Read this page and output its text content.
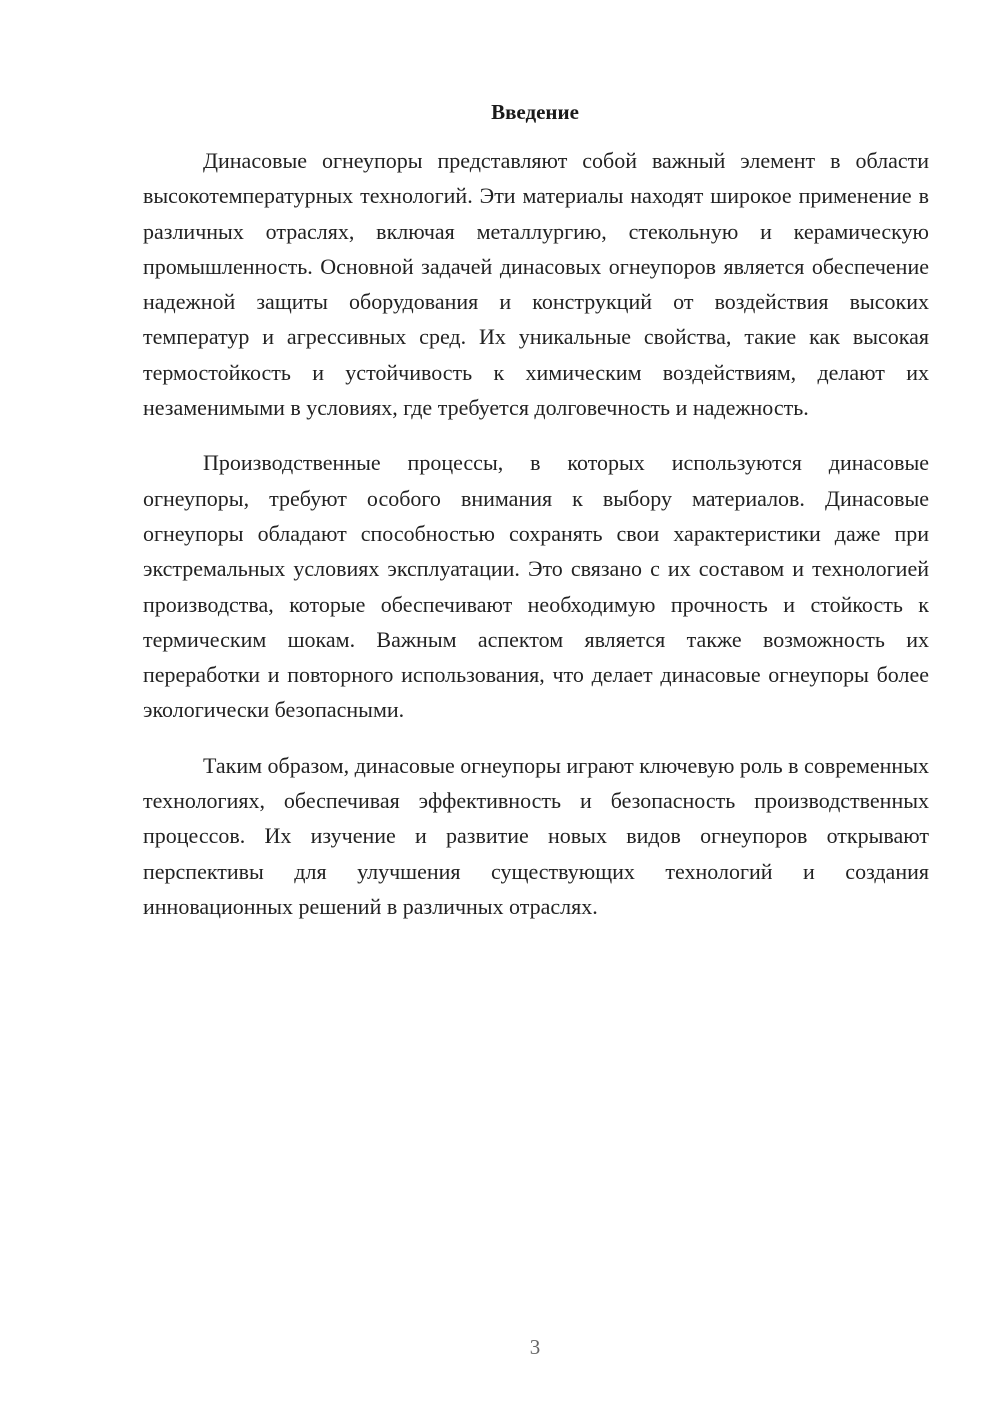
Введение

Динасовые огнеупоры представляют собой важный элемент в области высокотемпературных технологий. Эти материалы находят широкое применение в различных отраслях, включая металлургию, стекольную и керамическую промышленность. Основной задачей динасовых огнеупоров является обеспечение надежной защиты оборудования и конструкций от воздействия высоких температур и агрессивных сред. Их уникальные свойства, такие как высокая термостойкость и устойчивость к химическим воздействиям, делают их незаменимыми в условиях, где требуется долговечность и надежность.

Производственные процессы, в которых используются динасовые огнеупоры, требуют особого внимания к выбору материалов. Динасовые огнеупоры обладают способностью сохранять свои характеристики даже при экстремальных условиях эксплуатации. Это связано с их составом и технологией производства, которые обеспечивают необходимую прочность и стойкость к термическим шокам. Важным аспектом является также возможность их переработки и повторного использования, что делает динасовые огнеупоры более экологически безопасными.

Таким образом, динасовые огнеупоры играют ключевую роль в современных технологиях, обеспечивая эффективность и безопасность производственных процессов. Их изучение и развитие новых видов огнеупоров открывают перспективы для улучшения существующих технологий и создания инновационных решений в различных отраслях.

3
